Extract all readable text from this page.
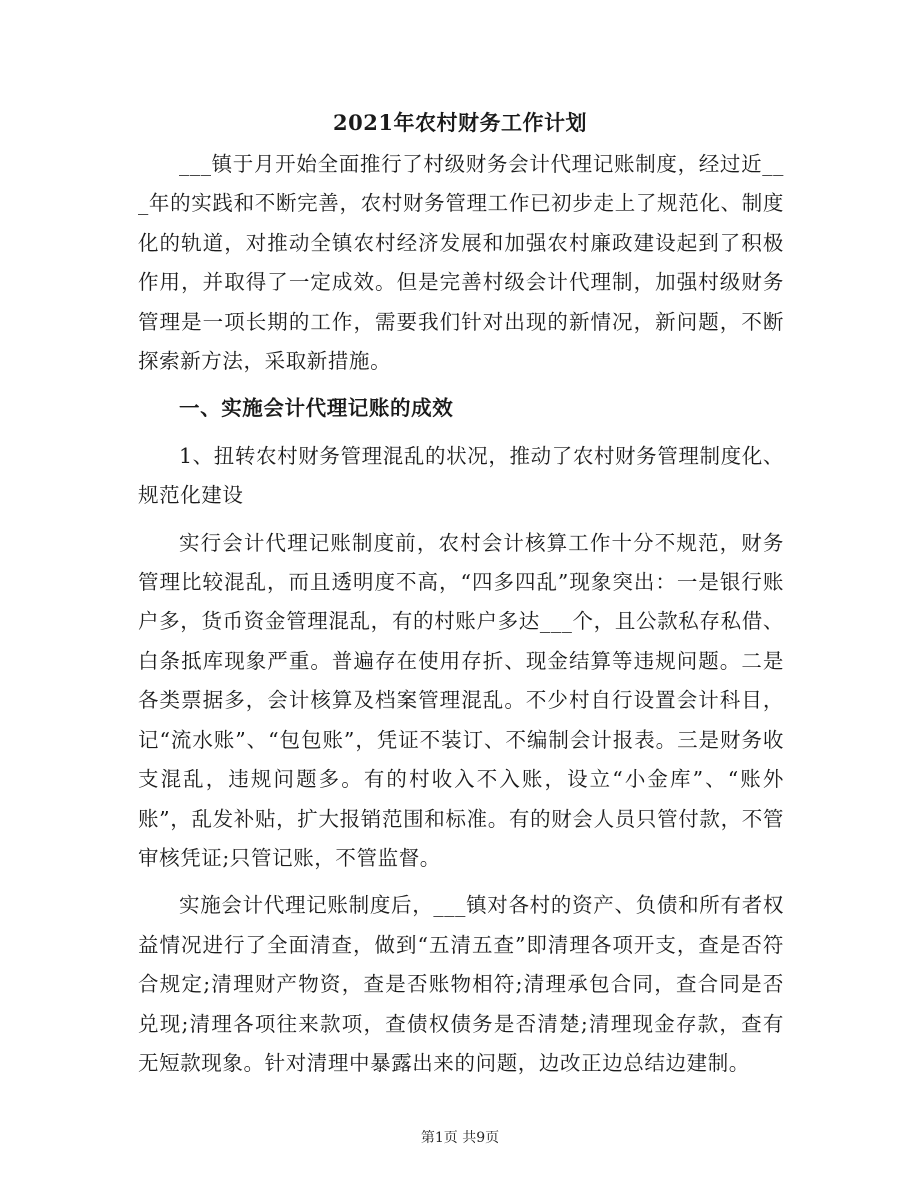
2021年农村财务工作计划

___镇于月开始全面推行了村级财务会计代理记账制度，经过近___年的实践和不断完善，农村财务管理工作已初步走上了规范化、制度化的轨道，对推动全镇农村经济发展和加强农村廉政建设起到了积极作用，并取得了一定成效。但是完善村级会计代理制，加强村级财务管理是一项长期的工作，需要我们针对出现的新情况，新问题，不断探索新方法，采取新措施。

一、实施会计代理记账的成效

1、扭转农村财务管理混乱的状况，推动了农村财务管理制度化、规范化建设

实行会计代理记账制度前，农村会计核算工作十分不规范，财务管理比较混乱，而且透明度不高，“四多四乱”现象突出：一是银行账户多，货币资金管理混乱，有的村账户多达___个，且公款私存私借、白条抵库现象严重。普遍存在使用存折、现金结算等违规问题。二是各类票据多，会计核算及档案管理混乱。不少村自行设置会计科目，记“流水账”、“包包账”，凭证不装订、不编制会计报表。三是财务收支混乱，违规问题多。有的村收入不入账，设立“小金库”、“账外账”，乱发补贴，扩大报销范围和标准。有的财会人员只管付款，不管审核凭证;只管记账，不管监督。

实施会计代理记账制度后，___镇对各村的资产、负债和所有者权益情况进行了全面清查，做到“五清五查”即清理各项开支，查是否符合规定;清理财产物资，查是否账物相符;清理承包合同，查合同是否兑现;清理各项往来款项，查债权债务是否清楚;清理现金存款，查有无短款现象。针对清理中暴露出来的问题，边改正边总结边建制。

第1页 共9页
